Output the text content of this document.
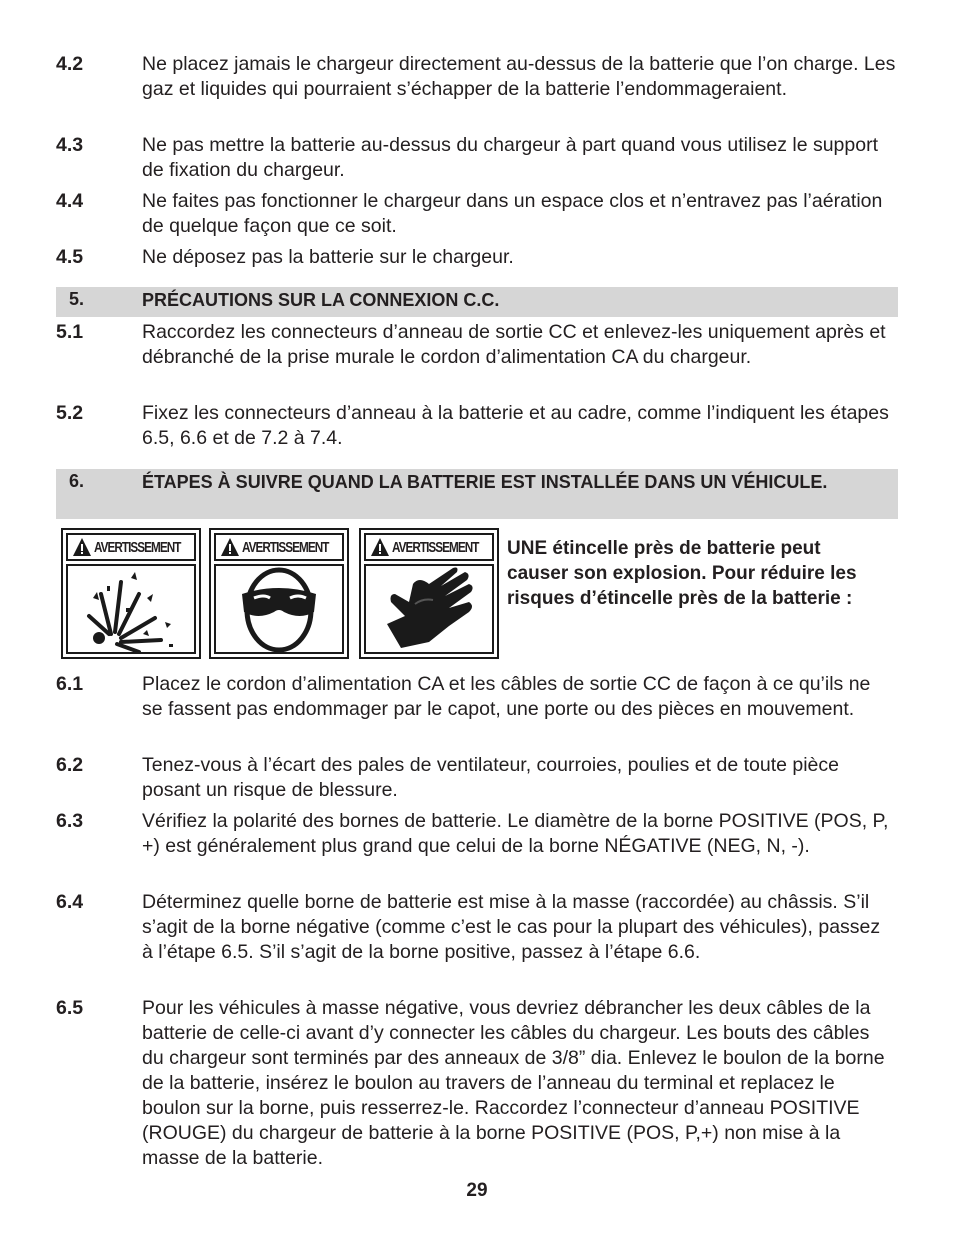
4.2	Ne placez jamais le chargeur directement au-dessus de la batterie que l’on charge. Les gaz et liquides qui pourraient s’échapper de la batterie l’endommageraient.
4.3	Ne pas mettre la batterie au-dessus du chargeur à part quand vous utilisez le support de fixation du chargeur.
4.4	Ne faites pas fonctionner le chargeur dans un espace clos et n’entravez pas l’aération de quelque façon que ce soit.
4.5	Ne déposez pas la batterie sur le chargeur.
5.	PRÉCAUTIONS SUR LA CONNEXION C.C.
5.1	Raccordez les connecteurs d’anneau de sortie CC et enlevez-les uniquement après et débranché de la prise murale le cordon d’alimentation CA du chargeur.
5.2	Fixez les connecteurs d’anneau à la batterie et au cadre, comme l’indiquent les étapes 6.5, 6.6 et de 7.2 à 7.4.
6.	ÉTAPES À SUIVRE QUAND LA BATTERIE EST INSTALLÉE DANS UN VÉHICULE.
AVERTISSEMENT	AVERTISSEMENT	AVERTISSEMENT UNE étincelle près de batterie peut causer son explosion. Pour réduire les risques d’étincelle près de la batterie :
6.1	Placez le cordon d’alimentation CA et les câbles de sortie CC de façon à ce qu’ils ne se fassent pas endommager par le capot, une porte ou des pièces en mouvement.
6.2	Tenez-vous à l’écart des pales de ventilateur, courroies, poulies et de toute pièce posant un risque de blessure.
6.3	Vérifiez la polarité des bornes de batterie. Le diamètre de la borne POSITIVE (POS, P, +) est généralement plus grand que celui de la borne NÉGATIVE (NEG, N, -).
6.4	Déterminez quelle borne de batterie est mise à la masse (raccordée) au châssis. S’il s’agit de la borne négative (comme c’est le cas pour la plupart des véhicules), passez à l’étape 6.5. S’il s’agit de la borne positive, passez à l’étape 6.6.
6.5	Pour les véhicules à masse négative, vous devriez débrancher les deux câbles de la batterie de celle-ci avant d’y connecter les câbles du chargeur. Les bouts des câbles du chargeur sont terminés par des anneaux de 3/8” dia. Enlevez le boulon de la borne de la batterie, insérez le boulon au travers de l’anneau du terminal et replacez le boulon sur la borne, puis resserrez-le. Raccordez l’connecteur d’anneau POSITIVE (ROUGE) du chargeur de batterie à la borne POSITIVE (POS, P,+) non mise à la masse de la batterie.
29
